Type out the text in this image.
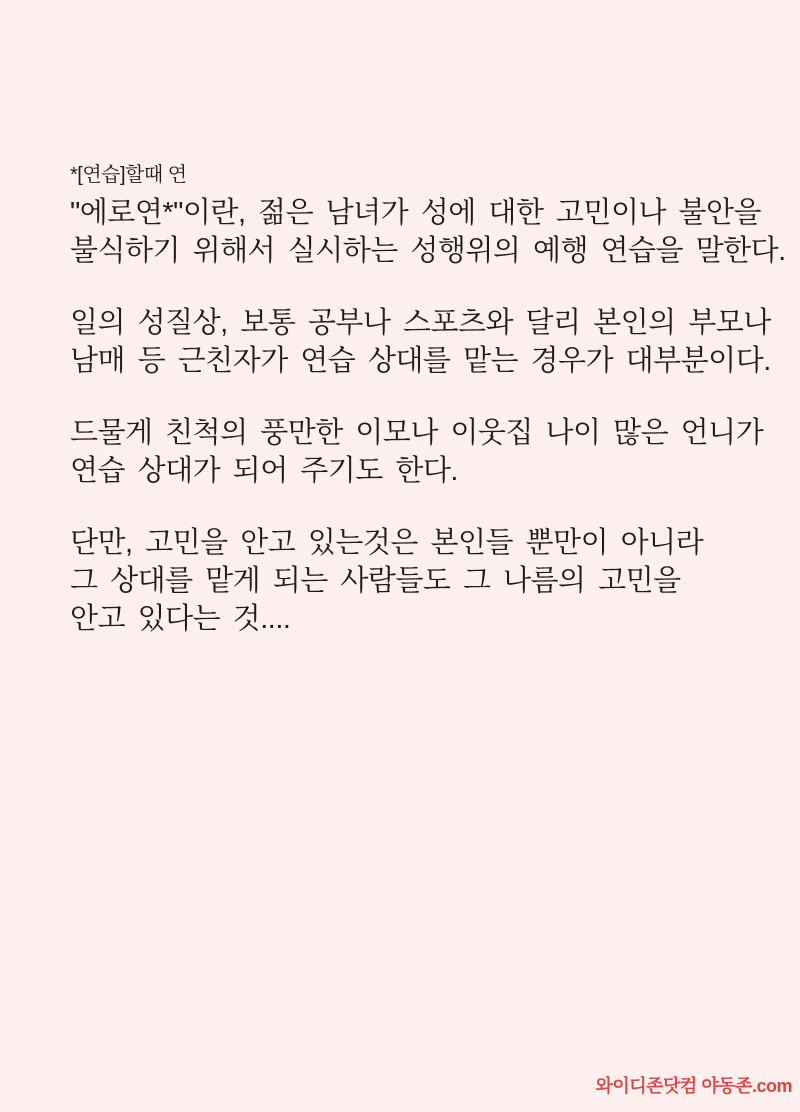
*[연습]할때 연

"에로연*"이란, 젊은 남녀가 성에 대한 고민이나 불안을
불식하기 위해서 실시하는 성행위의 예행 연습을 말한다.

일의 성질상, 보통 공부나 스포츠와 달리 본인의 부모나
남매 등 근친자가 연습 상대를 맡는 경우가 대부분이다.

드물게 친척의 풍만한 이모나 이웃집 나이 많은 언니가
연습 상대가 되어 주기도 한다.

단만, 고민을 안고 있는것은 본인들 뿐만이 아니라
그 상대를 맡게 되는 사람들도 그 나름의 고민을
안고 있다는 것....

와이디존닷컴 야동존.com
